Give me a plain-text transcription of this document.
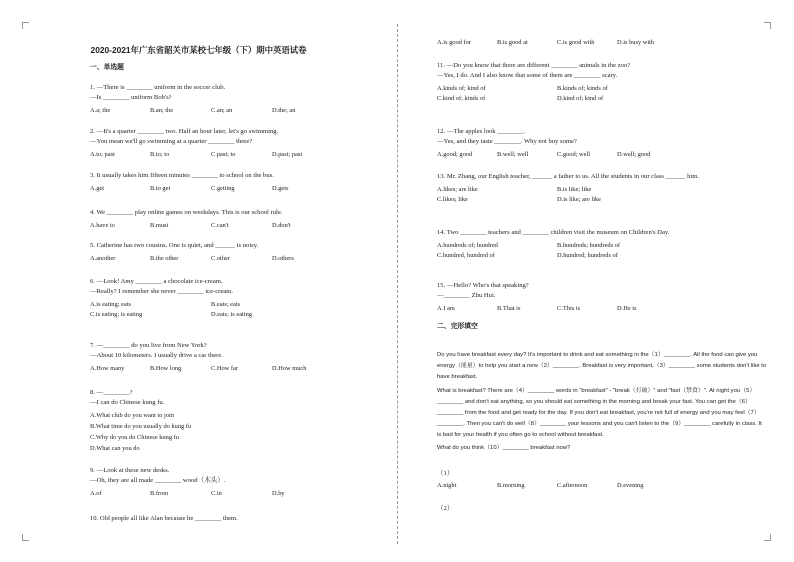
2020-2021年广东省韶关市某校七年级（下）期中英语试卷
一、单选题
1. —There is ________ uniform in the soccer club.
—Is ________ uniform Bob's?
A.a; the	B.an; the	C.an; an	D.the; an
2. —It's a quarter ________ two. Half an hour later, let's go swimming.
—You mean we'll go swimming at a quarter ________ three?
A.to; past	B.to; to	C.past; to	D.past; past
3. It usually takes him fifteen minutes ________ to school on the bus.
A.get	B.to get	C.getting	D.gets
4. We ________ play online games on weekdays. This is our school rule.
A.have to	B.must	C.can't	D.don't
5. Catherine has two cousins. One is quiet, and ______ is noisy.
A.another	B.the other	C.other	D.others
6. —Look! Amy ________ a chocolate ice-cream.
—Really? I remember she never ________ ice-cream.
A.is eating; eats	B.eats; eats
C.is eating; is eating	D.eats; is eating
7. —________ do you live from New York?
—About 10 kilometers. I usually drive a car there.
A.How many	B.How long	C.How far	D.How much
8. —________?
—I can do Chinese kung fu.
A.What club do you want to join
B.What time do you usually do kung fu
C.Why do you do Chinese kung fu
D.What can you do
9. —Look at these new desks.
—Oh, they are all made ________ wood（木头）.
A.of	B.from	C.in	D.by
10. Old people all like Alan because he ________ them.
A.is good for	B.is good at	C.is good with	D.is busy with
11. —Do you know that there are different ________ animals in the zoo?
—Yes, I do. And I also know that some of them are ________ scary.
A.kinds of; kind of	B.kinds of; kinds of
C.kind of; kinds of	D.kind of; kind of
12. —The apples look ________.
—Yes, and they taste ________. Why not buy some?
A.good; good	B.well; well	C.good; well	D.well; good
13. Mr. Zhang, our English teacher, ______ a father to us. All the students in our class ______ him.
A.likes; are like	B.is like; like
C.likes; like	D.is like; are like
14. Two ________ teachers and ________ children visit the museum on Children's Day.
A.hundreds of; hundred	B.hundreds; hundreds of
C.hundred, hundred of	D.hundred; hundreds of
15. —Hello? Who's that speaking?
—________ Zhu Hui.
A.I am	B.That is	C.This is	D.He is
二、完形填空
Do you have breakfast every day? It's important to drink and eat something in the（1）________. All the food can give you energy（能量）to help you start a new（2）________. Breakfast is very important,（3）________ some students don't like to have breakfast.
What is breakfast? There are（4）________ words in "breakfast" - "break（打破）" and "fast（禁食）". At night you（5）________ and don't eat anything, so you should eat something in the morning and break your fast. You can get the（6）________ from the food and get ready for the day. If you don't eat breakfast, you're not full of energy and you may feel（7）________. Then you can't do well（8）________ your lessons and you can't listen to the（9）________ carefully in class. It is bad for your health if you often go to school without breakfast.
What do you think（10）________ breakfast now?
（1）
A.night	B.morning	C.afternoon	D.evening
（2）
